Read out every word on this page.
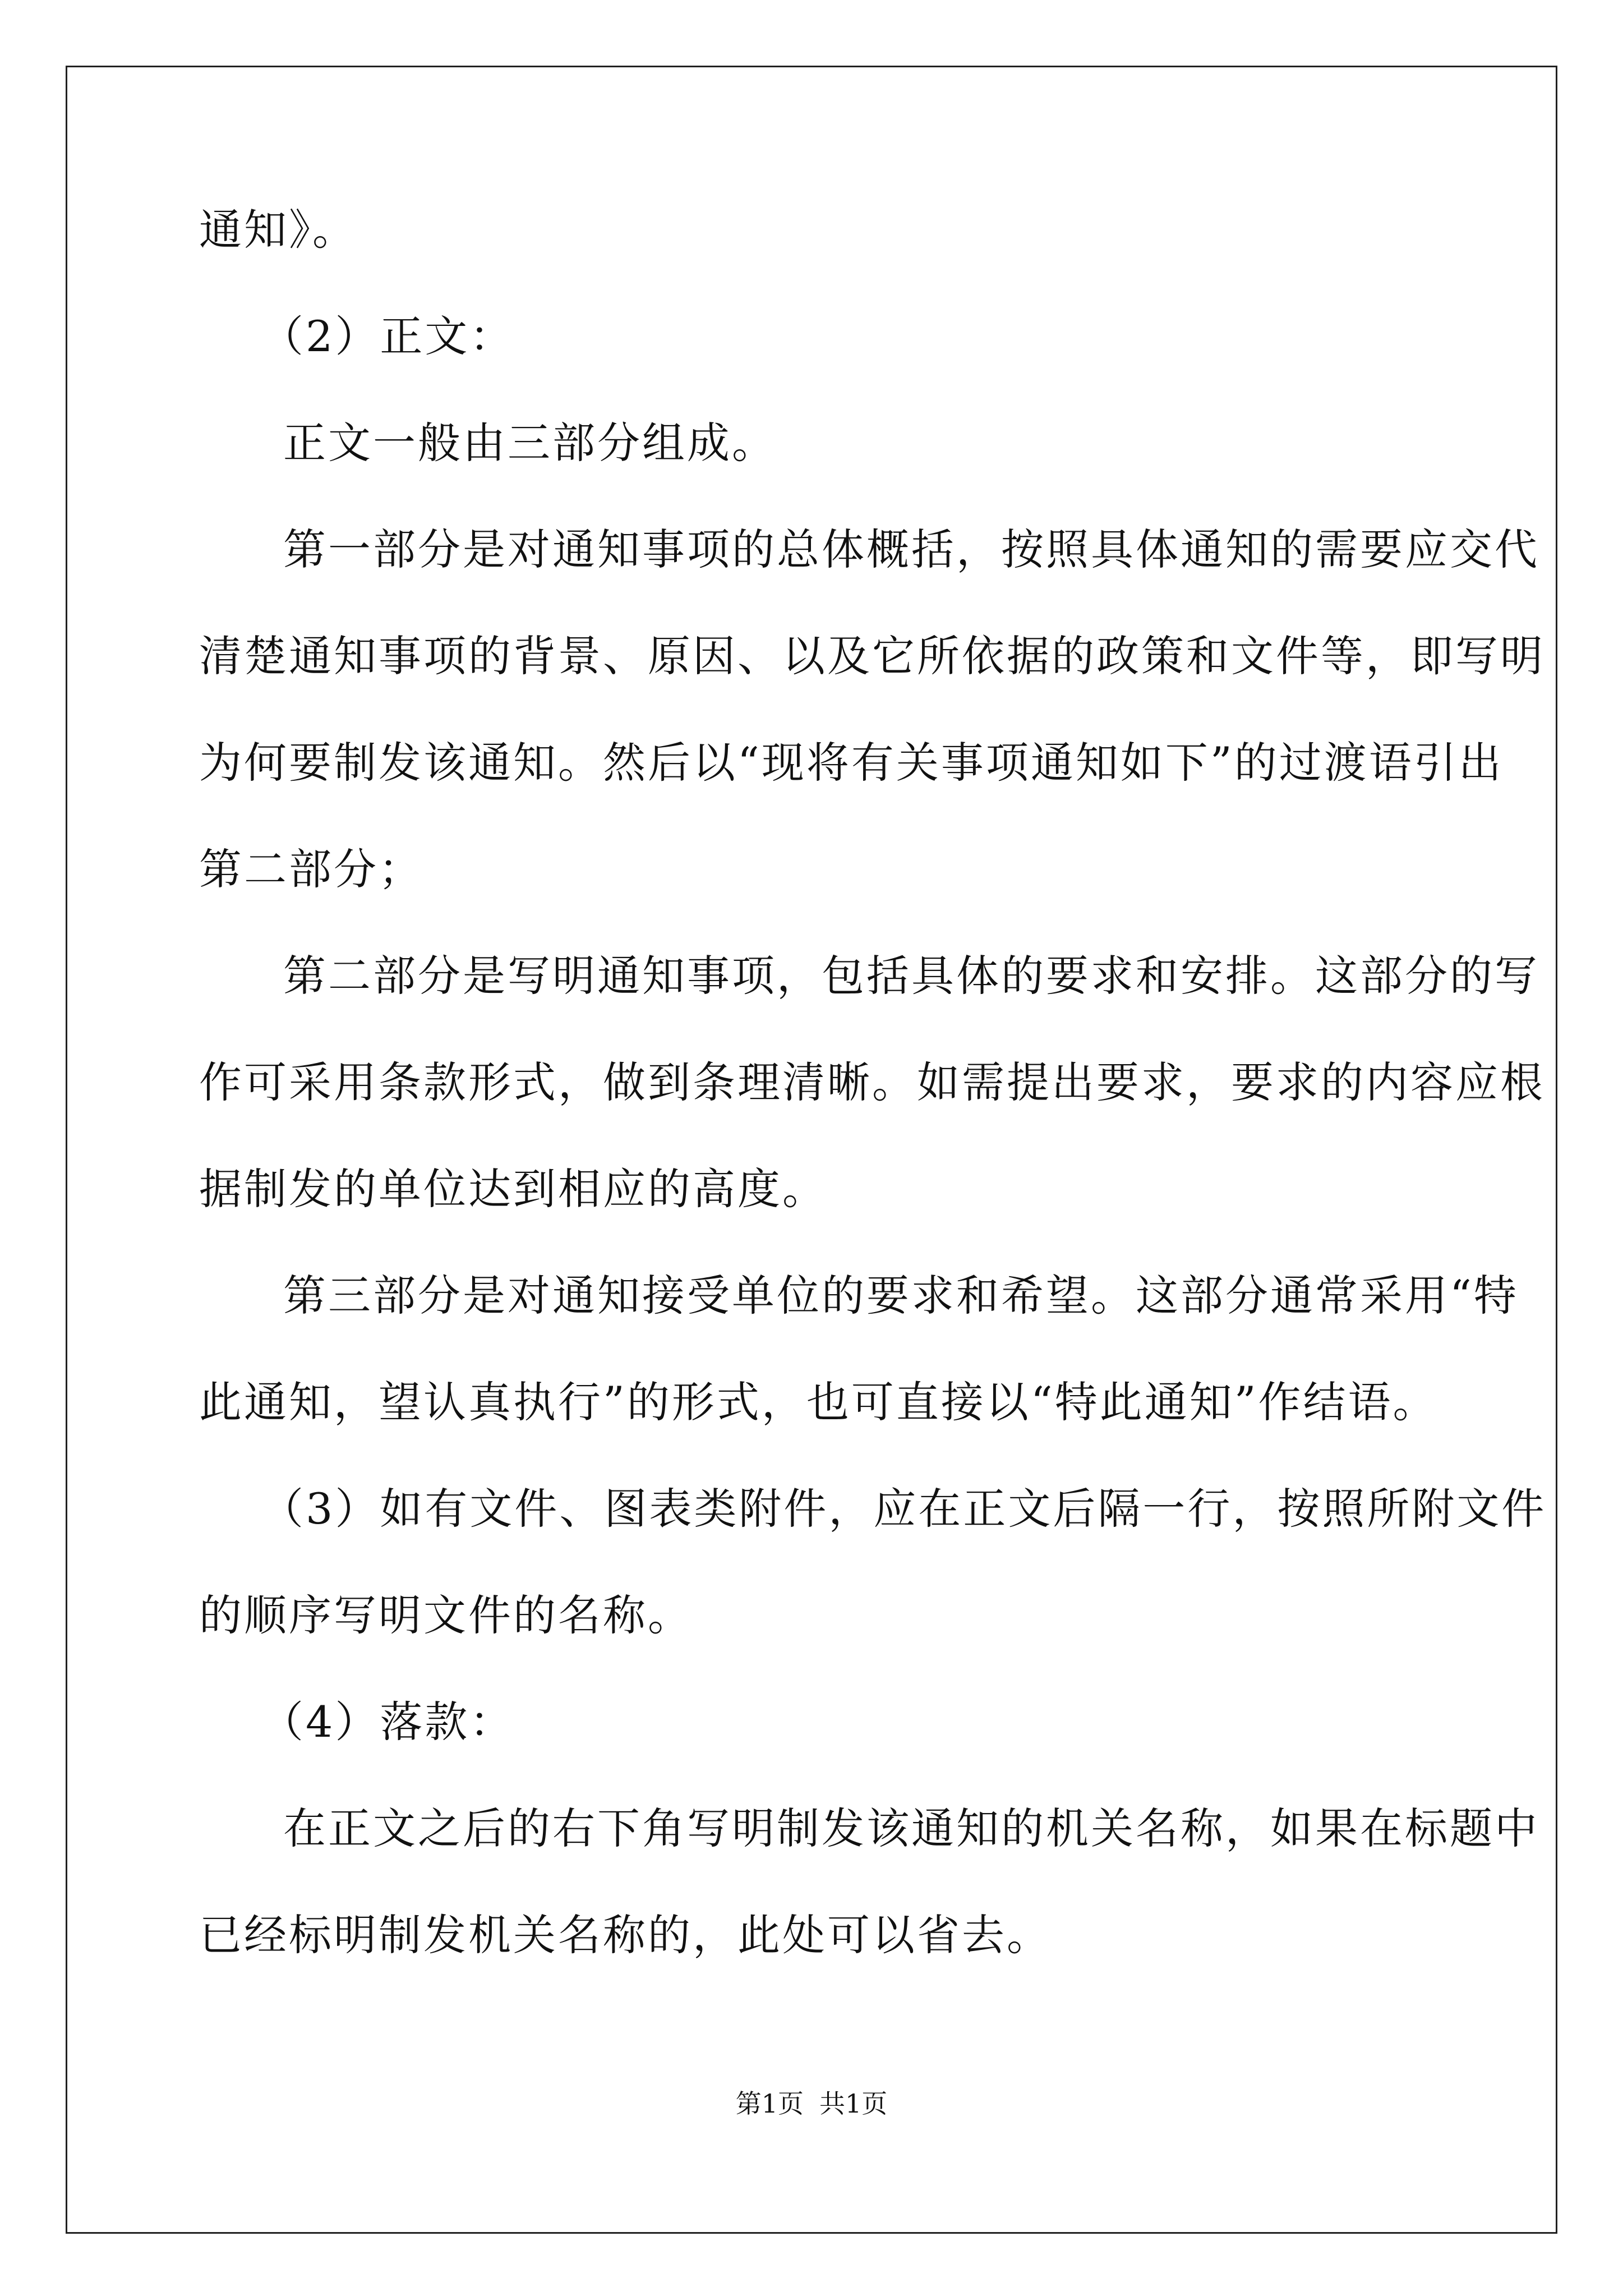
通知》。
（2）正文：
正文一般由三部分组成。
第一部分是对通知事项的总体概括，按照具体通知的需要应交代
清楚通知事项的背景、原因、以及它所依据的政策和文件等，即写明
为何要制发该通知。然后以“现将有关事项通知如下”的过渡语引出
第二部分；
第二部分是写明通知事项，包括具体的要求和安排。这部分的写
作可采用条款形式，做到条理清晰。如需提出要求，要求的内容应根
据制发的单位达到相应的高度。
第三部分是对通知接受单位的要求和希望。这部分通常采用“特
此通知，望认真执行”的形式，也可直接以“特此通知”作结语。
（3）如有文件、图表类附件，应在正文后隔一行，按照所附文件
的顺序写明文件的名称。
（4）落款：
在正文之后的右下角写明制发该通知的机关名称，如果在标题中
已经标明制发机关名称的，此处可以省去。
第1页 共1页
